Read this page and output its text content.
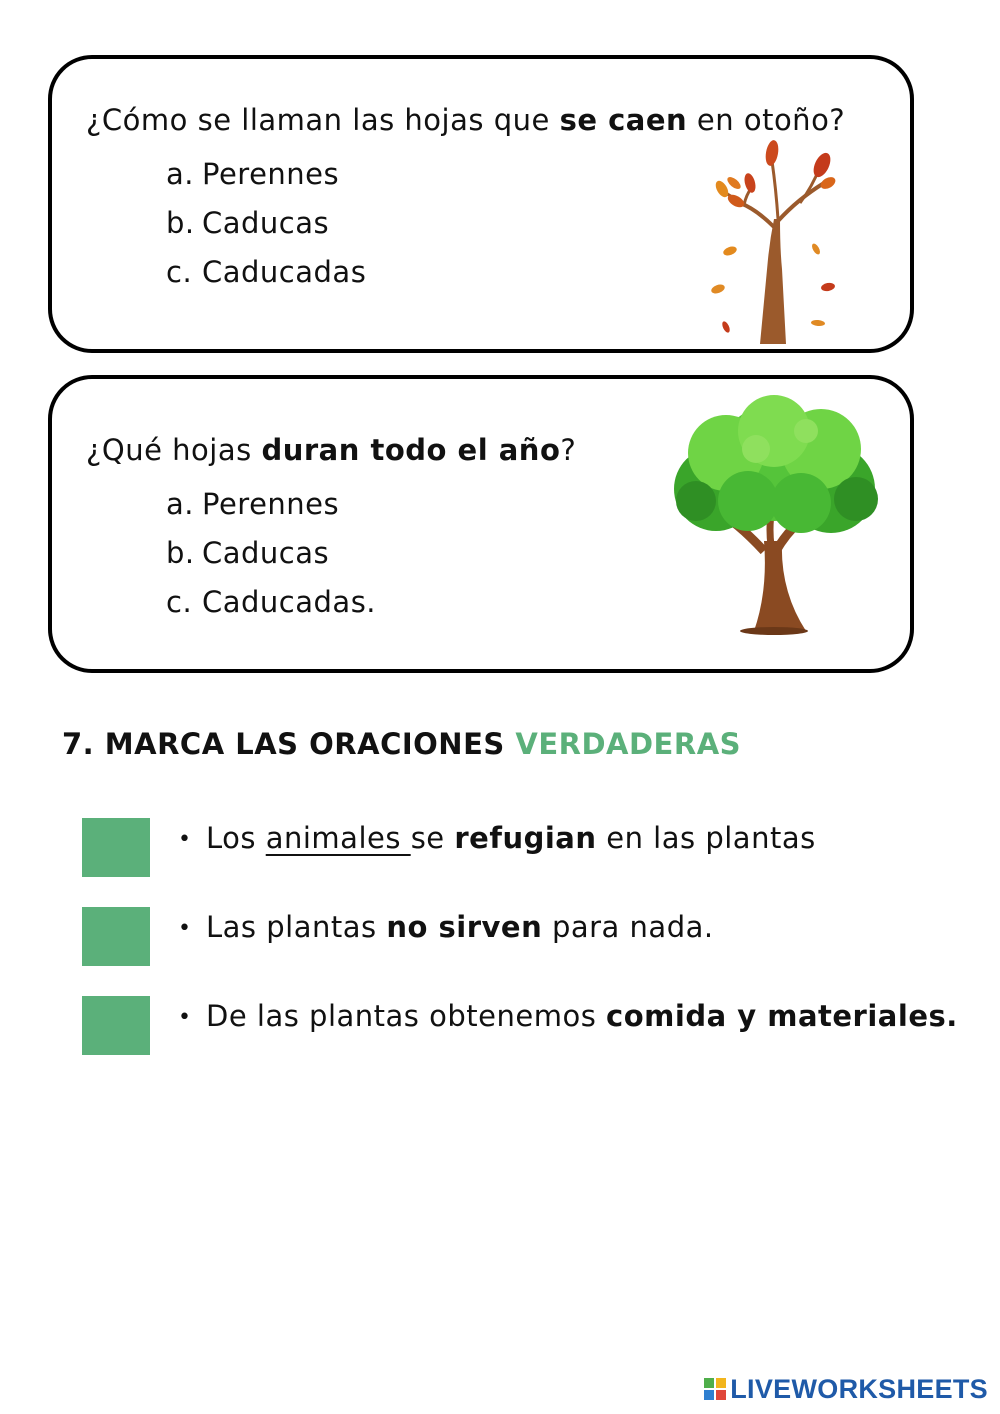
¿Cómo se llaman las hojas que se caen en otoño?
a. Perennes
b. Caducas
c. Caducadas
¿Qué hojas duran todo el año?
a. Perennes
b. Caducas
c. Caducadas.
7. MARCA LAS ORACIONES VERDADERAS
• Los animales se refugian en las plantas
• Las plantas no sirven para nada.
• De las plantas obtenemos comida y materiales.
LIVEWORKSHEETS
